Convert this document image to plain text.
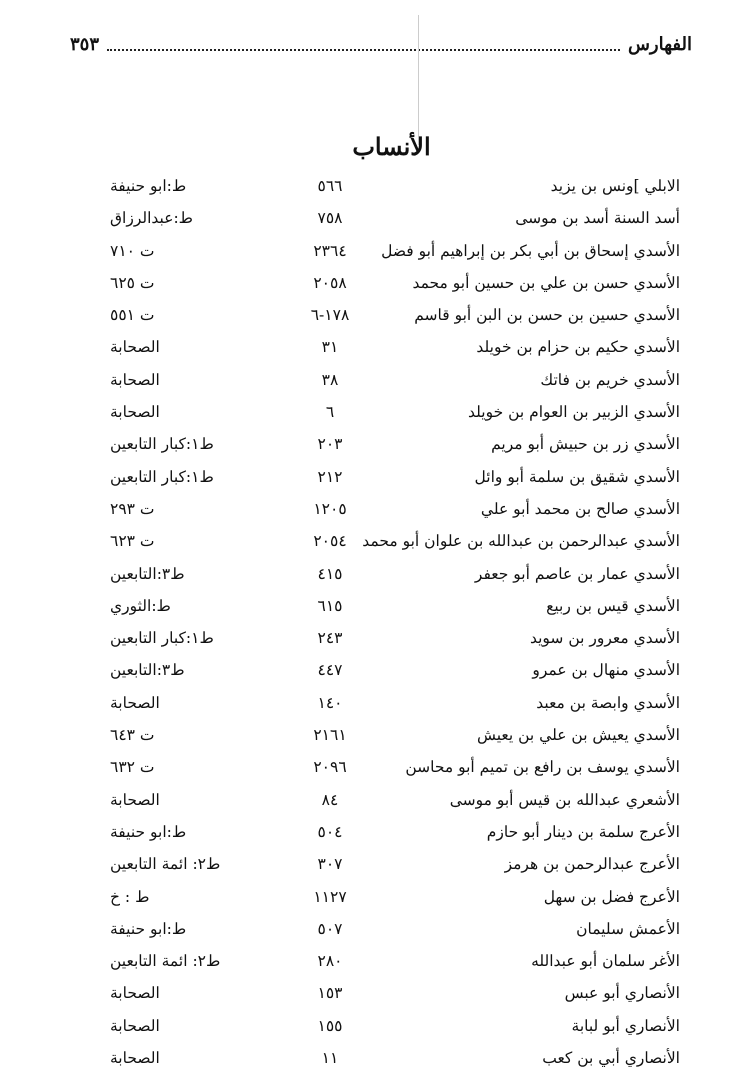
الفهارس
٣٥٣
الأنساب
الابلي ]ونس بن يزيد
٥٦٦
ط:ابو حنيفة
أسد السنة أسد بن موسى
٧٥٨
ط:عبدالرزاق
الأسدي إسحاق بن أبي بكر بن إبراهيم أبو فضل
٢٣٦٤
ت ٧١٠
الأسدي حسن بن علي بن حسين أبو محمد
٢٠٥٨
ت ٦٢٥
الأسدي حسين بن حسن بن البن أبو قاسم
١٧٨-٦
ت ٥٥١
الأسدي حكيم بن حزام بن خويلد
٣١
الصحابة
الأسدي خريم بن فاتك
٣٨
الصحابة
الأسدي الزبير بن العوام بن خويلد
٦
الصحابة
الأسدي زر بن حبيش أبو مريم
٢٠٣
ط١:كبار التابعين
الأسدي شقيق بن سلمة أبو وائل
٢١٢
ط١:كبار التابعين
الأسدي صالح بن محمد أبو علي
١٢٠٥
ت ٢٩٣
الأسدي عبدالرحمن بن عبدالله بن علوان أبو محمد
٢٠٥٤
ت ٦٢٣
الأسدي عمار بن عاصم أبو جعفر
٤١٥
ط٣:التابعين
الأسدي قيس بن ربيع
٦١٥
ط:الثوري
الأسدي معرور بن سويد
٢٤٣
ط١:كبار التابعين
الأسدي منهال بن عمرو
٤٤٧
ط٣:التابعين
الأسدي وابصة بن معبد
١٤٠
الصحابة
الأسدي يعيش بن علي بن يعيش
٢١٦١
ت ٦٤٣
الأسدي يوسف بن رافع بن تميم أبو محاسن
٢٠٩٦
ت ٦٣٢
الأشعري عبدالله بن قيس أبو موسى
٨٤
الصحابة
الأعرج سلمة بن دينار أبو حازم
٥٠٤
ط:ابو حنيفة
الأعرج عبدالرحمن بن هرمز
٣٠٧
ط٢: ائمة التابعين
الأعرج فضل بن سهل
١١٢٧
ط : خ
الأعمش سليمان
٥٠٧
ط:ابو حنيفة
الأغر سلمان أبو عبدالله
٢٨٠
ط٢: ائمة التابعين
الأنصاري أبو عبس
١٥٣
الصحابة
الأنصاري أبو لبابة
١٥٥
الصحابة
الأنصاري أبي بن كعب
١١
الصحابة
